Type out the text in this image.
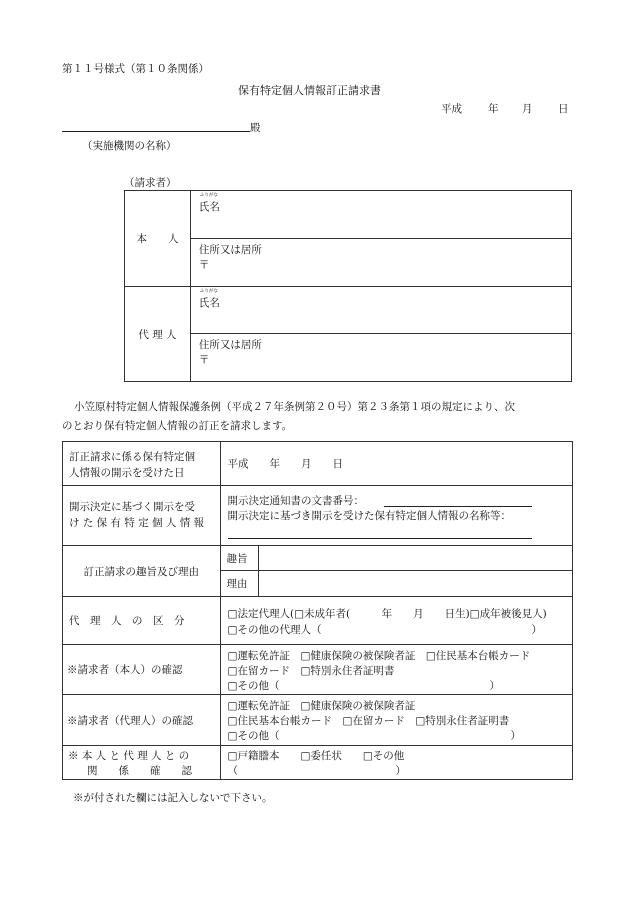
第１１号様式（第１０条関係）
保有特定個人情報訂正請求書
平成 年 月 日
殿
（実施機関の名称）
（請求者）
本　　人	ふりがな
氏名

	住所又は居所
〒

代 理 人	ふりがな
氏名

	住所又は居所
〒
小笠原村特定個人情報保護条例（平成２７年条例第２０号）第２３条第１項の規定により、次
のとおり保有特定個人情報の訂正を請求します。
訂正請求に係る保有特定個
人情報の開示を受けた日	平成　　年　　月　　日	

開示決定に基づく開示を受
け た 保 有 特 定 個 人 情 報	開示決定通知書の文書番号：
開示決定に基づき開示を受けた保有特定個人情報の名称等：	

訂正請求の趣旨及び理由	趣旨	
	理由	
代　理　人　の　区　分	□法定代理人(□未成年者(　　　年　　月　　日生)□成年被後見人)
□その他の代理人（　　　　　　　　　　　　　　　　　　　　）	

※請求者（本人）の確認	□運転免許証　□健康保険の被保険者証　□住民基本台帳カード
□在留カード　□特別永住者証明書
□その他（　　　　　　　　　　　　　　　　　　　　）	

※請求者（代理人）の確認	□運転免許証　□健康保険の被保険者証
□住民基本台帳カード　□在留カード　□特別永住者証明書
□その他（　　　　　　　　　　　　　　　　　　　　　　）	

※ 本 人 と 代 理 人 と の
関　　係　　確　　認	□戸籍謄本　　□委任状　　□その他（　　　　　　　　　　　　　　　）	
※が付された欄には記入しないで下さい。
